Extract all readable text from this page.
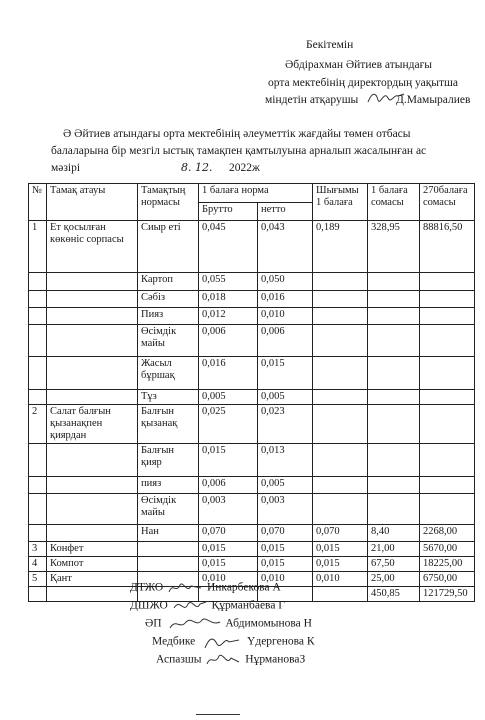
Бекітемін
Әбдірахман Әйтиев атындағы
орта мектебінің директордың уақытша
міндетін атқарушы	Д.Мамыралиев
Ә Әйтиев атындағы орта мектебінің әлеуметтік жағдайы төмен отбасы
балаларына бір мезгіл ыстық тамақпен қамтылуына арналып жасалынған ас
мәзірі	8. 12. 2022ж
№	Тамақ атауы	Тамақтың нормасы	1 балаға норма		Шығымы 1 балаға	1 балаға сомасы	270балаға сомасы
			Брутто	нетто			
1	Ет қосылған көкөніс сорпасы	Сиыр еті	0,045	0,043	0,189	328,95	88816,50
		Картоп	0,055	0,050			
		Сәбіз	0,018	0,016			
		Пияз	0,012	0,010			
		Өсімдік майы	0,006	0,006			
		Жасыл бұршақ	0,016	0,015			
		Тұз	0,005	0,005			
2	Салат балғын қызанақпен қиярдан	Балғын қызанақ	0,025	0,023			
		Балғын қияр	0,015	0,013			
		пияз	0,006	0,005			
		Өсімдік майы	0,003	0,003			
		Нан	0,070	0,070	0,070	8,40	2268,00
3	Конфет		0,015	0,015	0,015	21,00	5670,00
4	Компот		0,015	0,015	0,015	67,50	18225,00
5	Қант		0,010	0,010	0,010	25,00	6750,00
						450,85	121729,50
ДТЖО	Инкарбекова А
ДШЖО	Құрманбаева Г
ӘП	Абдимомынова Н
Медбике	Үдергенова К
Аспазшы	НұрмановаЗ
